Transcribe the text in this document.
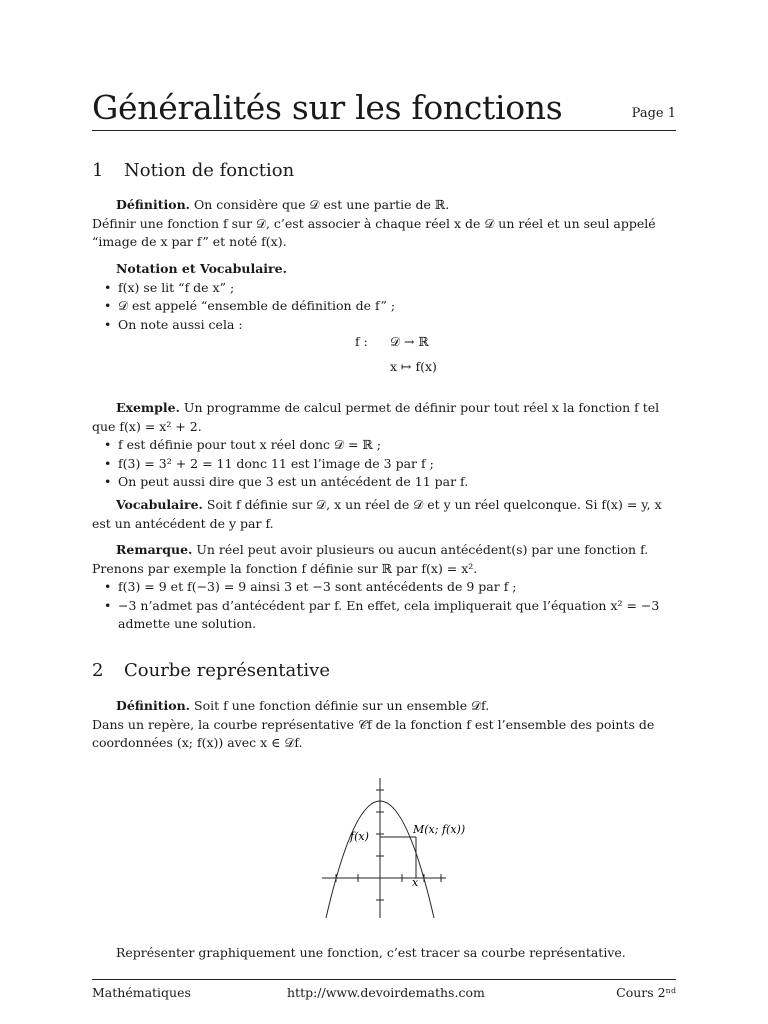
Généralités sur les fonctions	Page 1
1 Notion de fonction

Définition. On considère que 𝒟 est une partie de ℝ.

Définir une fonction f sur 𝒟, c’est associer à chaque réel x de 𝒟 un réel et un seul appelé “image de x par f” et noté f(x).

Notation et Vocabulaire.

• f(x) se lit “f de x” ;
• 𝒟 est appelé “ensemble de définition de f” ;
• On note aussi cela :
f : 𝒟 → ℝ
x ↦ f(x)

Exemple. Un programme de calcul permet de définir pour tout réel x la fonction f tel que f(x) = x² + 2.

• f est définie pour tout x réel donc 𝒟 = ℝ ;
• f(3) = 3² + 2 = 11 donc 11 est l’image de 3 par f ;
• On peut aussi dire que 3 est un antécédent de 11 par f.

Vocabulaire. Soit f définie sur 𝒟, x un réel de 𝒟 et y un réel quelconque. Si f(x) = y, x est un antécédent de y par f.

Remarque. Un réel peut avoir plusieurs ou aucun antécédent(s) par une fonction f.

Prenons par exemple la fonction f définie sur ℝ par f(x) = x².

• f(3) = 9 et f(−3) = 9 ainsi 3 et −3 sont antécédents de 9 par f ;
• −3 n’admet pas d’antécédent par f. En effet, cela impliquerait que l’équation x² = −3 admette une solution.
2 Courbe représentative

Définition. Soit f une fonction définie sur un ensemble 𝒟f.

Dans un repère, la courbe représentative 𝒞f de la fonction f est l’ensemble des points de coordonnées (x; f(x)) avec x ∈ 𝒟f.

f(x)
M(x; f(x))
x

Représenter graphiquement une fonction, c’est tracer sa courbe représentative.

Mathématiques	http://www.devoirdemaths.com	Cours 2ⁿᵈ
